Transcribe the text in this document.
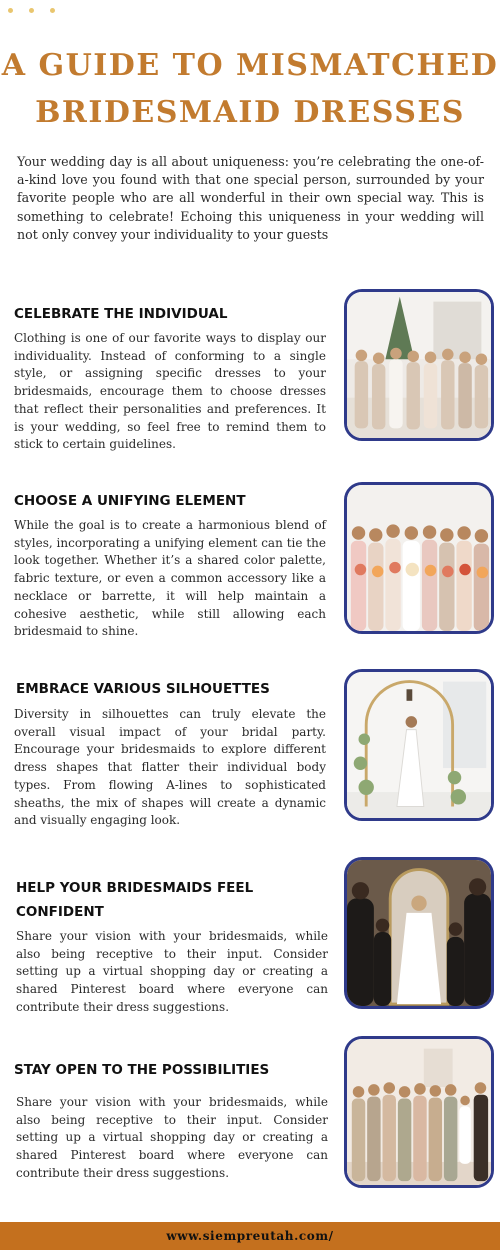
A GUIDE TO MISMATCHED BRIDESMAID DRESSES

Your wedding day is all about uniqueness: you’re celebrating the one-of-a-kind love you found with that one special person, surrounded by your favorite people who are all wonderful in their own special way. This is something to celebrate! Echoing this uniqueness in your wedding will not only convey your individuality to your guests

CELEBRATE THE INDIVIDUAL

Clothing is one of our favorite ways to display our individuality. Instead of conforming to a single style, or assigning specific dresses to your bridesmaids, encourage them to choose dresses that reflect their personalities and preferences. It is your wedding, so feel free to remind them to stick to certain guidelines.

CHOOSE A UNIFYING ELEMENT

While the goal is to create a harmonious blend of styles, incorporating a unifying element can tie the look together. Whether it’s a shared color palette, fabric texture, or even a common accessory like a necklace or barrette, it will help maintain a cohesive aesthetic, while still allowing each bridesmaid to shine.

EMBRACE VARIOUS SILHOUETTES

Diversity in silhouettes can truly elevate the overall visual impact of your bridal party. Encourage your bridesmaids to explore different dress shapes that flatter their individual body types. From flowing A-lines to sophisticated sheaths, the mix of shapes will create a dynamic and visually engaging look.

HELP YOUR BRIDESMAIDS FEEL CONFIDENT

Share your vision with your bridesmaids, while also being receptive to their input. Consider setting up a virtual shopping day or creating a shared Pinterest board where everyone can contribute their dress suggestions.

STAY OPEN TO THE POSSIBILITIES

Share your vision with your bridesmaids, while also being receptive to their input. Consider setting up a virtual shopping day or creating a shared Pinterest board where everyone can contribute their dress suggestions.

www.siempreutah.com/
